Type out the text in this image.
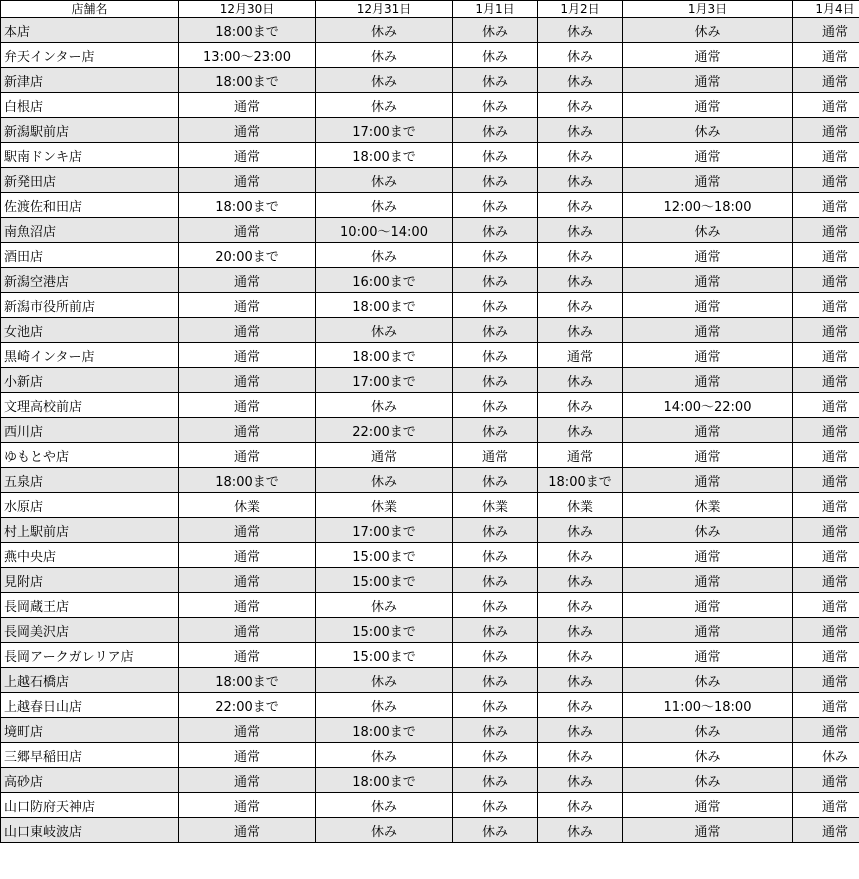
店舗名	12月30日	12月31日	1月1日	1月2日	1月3日	1月4日
本店	18:00まで	休み	休み	休み	休み	通常
弁天インター店	13:00〜23:00	休み	休み	休み	通常	通常
新津店	18:00まで	休み	休み	休み	通常	通常
白根店	通常	休み	休み	休み	通常	通常
新潟駅前店	通常	17:00まで	休み	休み	休み	通常
駅南ドンキ店	通常	18:00まで	休み	休み	通常	通常
新発田店	通常	休み	休み	休み	通常	通常
佐渡佐和田店	18:00まで	休み	休み	休み	12:00〜18:00	通常
南魚沼店	通常	10:00〜14:00	休み	休み	休み	通常
酒田店	20:00まで	休み	休み	休み	通常	通常
新潟空港店	通常	16:00まで	休み	休み	通常	通常
新潟市役所前店	通常	18:00まで	休み	休み	通常	通常
女池店	通常	休み	休み	休み	通常	通常
黒崎インター店	通常	18:00まで	休み	通常	通常	通常
小新店	通常	17:00まで	休み	休み	通常	通常
文理高校前店	通常	休み	休み	休み	14:00〜22:00	通常
西川店	通常	22:00まで	休み	休み	通常	通常
ゆもとや店	通常	通常	通常	通常	通常	通常
五泉店	18:00まで	休み	休み	18:00まで	通常	通常
水原店	休業	休業	休業	休業	休業	通常
村上駅前店	通常	17:00まで	休み	休み	休み	通常
燕中央店	通常	15:00まで	休み	休み	通常	通常
見附店	通常	15:00まで	休み	休み	通常	通常
長岡蔵王店	通常	休み	休み	休み	通常	通常
長岡美沢店	通常	15:00まで	休み	休み	通常	通常
長岡アークガレリア店	通常	15:00まで	休み	休み	通常	通常
上越石橋店	18:00まで	休み	休み	休み	休み	通常
上越春日山店	22:00まで	休み	休み	休み	11:00〜18:00	通常
境町店	通常	18:00まで	休み	休み	休み	通常
三郷早稲田店	通常	休み	休み	休み	休み	休み
高砂店	通常	18:00まで	休み	休み	休み	通常
山口防府天神店	通常	休み	休み	休み	通常	通常
山口東岐波店	通常	休み	休み	休み	通常	通常
